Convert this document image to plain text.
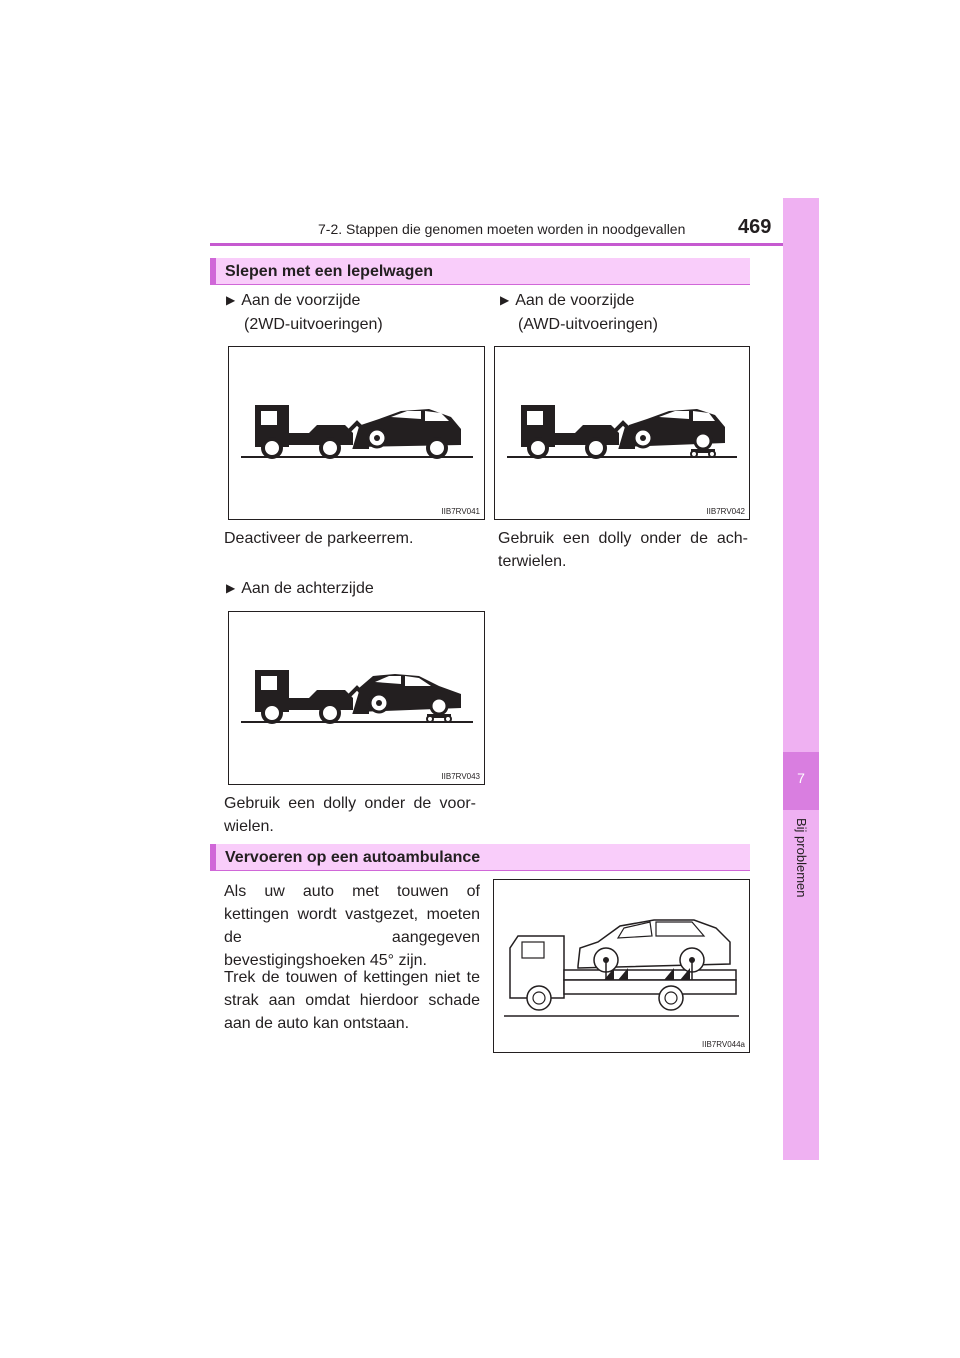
7-2. Stappen die genomen moeten worden in noodgevallen	469
7
Bij problemen
Slepen met een lepelwagen
▶ Aan de voorzijde
(2WD-uitvoeringen)
▶ Aan de voorzijde
(AWD-uitvoeringen)
IIB7RV041	IIB7RV042
Deactiveer de parkeerrem.	Gebruik een dolly onder de ach-
terwielen.
▶ Aan de achterzijde
IIB7RV043
Gebruik een dolly onder de voor-
wielen.
Vervoeren op een autoambulance
Als uw auto met touwen of kettingen wordt vastgezet, moeten de aangegeven bevestigingshoeken 45° zijn.
Trek de touwen of kettingen niet te strak aan omdat hierdoor schade aan de auto kan ontstaan.
IIB7RV044a
